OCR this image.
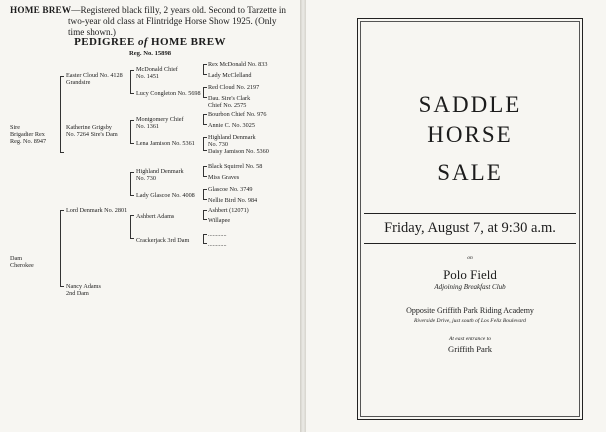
HOME BREW—Registered black filly, 2 years old. Second to Tarzette in
two-year old class at Flintridge Horse Show 1925. (Only time shown.)
PEDIGREE of HOME BREW
Reg. No. 15898
Sire
Brigadier Rex
Reg. No. 8947
Dam
Cherokee
Easter Cloud No. 4128
Grandsire
Katherine Grigsby
No. 7264 Sire's Dam
Lord Denmark No. 2801
Nancy Adams
2nd Dam
McDonald Chief
No. 1451
Lucy Congleton No. 5698
Montgomery Chief
No. 1361
Lena Jamison No. 5361
Highland Denmark
No. 730
Lady Glascoe No. 4008
Ashbert Adams
Crackerjack 3rd Dam
Rex McDonald No. 833
Lady McClelland
Red Cloud No. 2197
Dau. Sire's Clark
Chief No. 2575
Bourbon Chief No. 976
Annie C. No. 3025
Highland Denmark
No. 730
Daisy Jamison No. 5360
Black Squirrel No. 58
Miss Graves
Glascoe No. 3749
Nellie Bird No. 984
Ashbert (12071)
Willapee
............
............
SADDLE
HORSE
SALE
Friday, August 7, at 9:30 a.m.
on
Polo Field
Adjoining Breakfast Club
Opposite Griffith Park Riding Academy
Riverside Drive, just south of Los Feliz Boulevard
At east entrance to
Griffith Park
